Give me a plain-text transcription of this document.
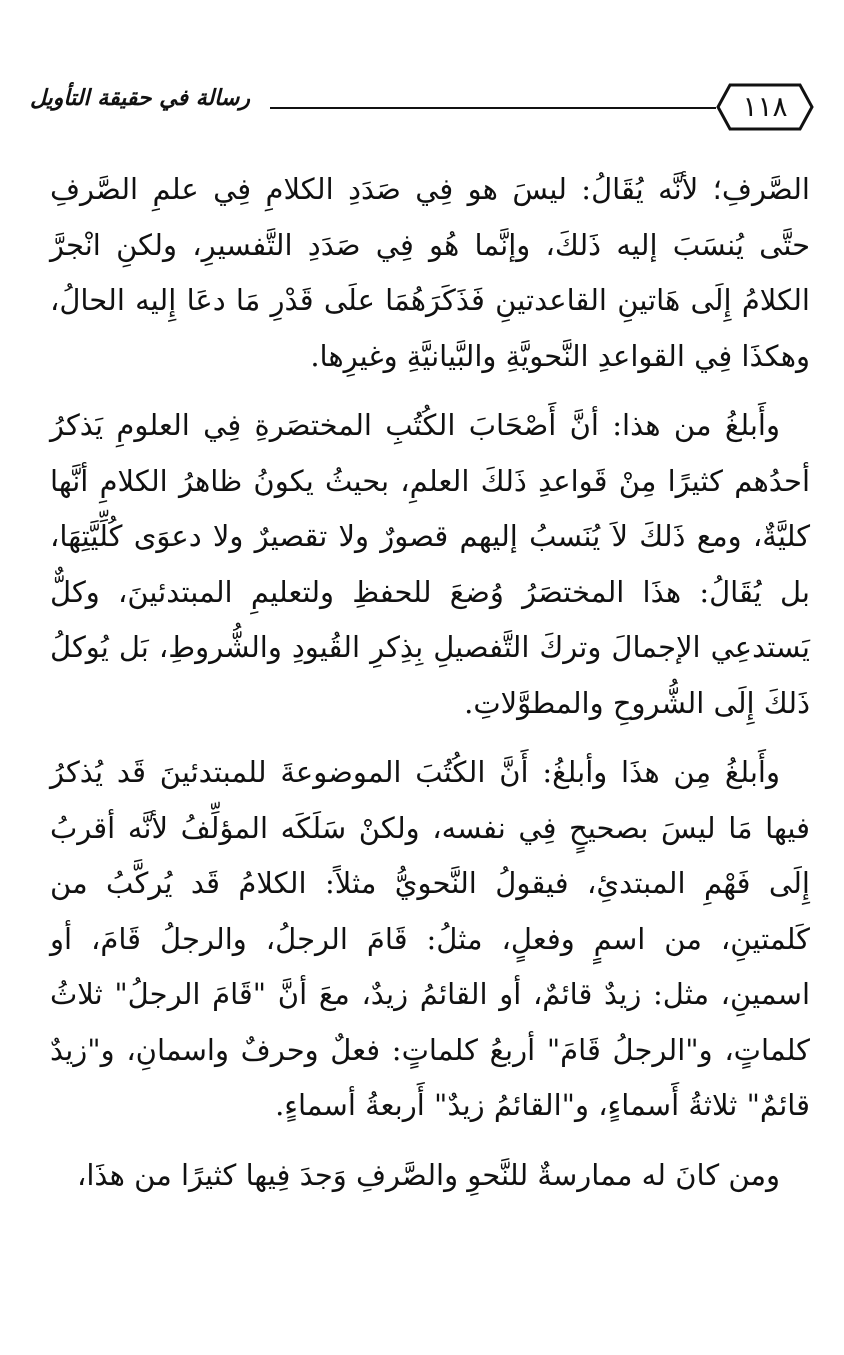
رسالة في حقيقة التأويل	١١٨

الصَّرفِ؛ لأنَّه يُقَالُ: ليسَ هو فِي صَدَدِ الكلامِ فِي علمِ الصَّرفِ حتَّى يُنسَبَ إليه ذَلكَ، وإنَّما هُو فِي صَدَدِ التَّفسيرِ، ولكنِ انْجرَّ الكلامُ إِلَى هَاتينِ القاعدتينِ فَذَكَرَهُمَا علَى قَدْرِ مَا دعَا إِليه الحالُ، وهكذَا فِي القواعدِ النَّحويَّةِ والبَّيانيَّةِ وغيرِها.

وأَبلغُ من هذا: أنَّ أَصْحَابَ الكُتُبِ المختصَرةِ فِي العلومِ يَذكرُ أحدُهم كثيرًا مِنْ قَواعدِ ذَلكَ العلمِ، بحيثُ يكونُ ظاهرُ الكلامِ أنَّها كليَّةٌ، ومع ذَلكَ لاَ يُنَسبُ إليهم قصورٌ ولا تقصيرٌ ولا دعوَى كُلِّيَّتِهَا، بل يُقَالُ: هذَا المختصَرُ وُضعَ للحفظِ ولتعليمِ المبتدئينَ، وكلٌّ يَستدعِي الإجمالَ وتركَ التَّفصيلِ بِذِكرِ القُيودِ والشُّروطِ، بَل يُوكلُ ذَلكَ إِلَى الشُّروحِ والمطوَّلاتِ.

وأَبلغُ مِن هذَا وأبلغُ: أَنَّ الكُتُبَ الموضوعةَ للمبتدئينَ قَد يُذكرُ فيها مَا ليسَ بصحيحٍ فِي نفسه، ولكنْ سَلَكَه المؤلِّفُ لأنَّه أقربُ إِلَى فَهْمِ المبتدئِ، فيقولُ النَّحويُّ مثلاً: الكلامُ قَد يُركَّبُ من كَلمتينِ، من اسمٍ وفعلٍ، مثلُ: قَامَ الرجلُ، والرجلُ قَامَ، أو اسمينِ، مثل: زيدٌ قائمٌ، أو القائمُ زيدٌ، معَ أنَّ "قَامَ الرجلُ" ثلاثُ كلماتٍ، و"الرجلُ قَامَ" أربعُ كلماتٍ: فعلٌ وحرفٌ واسمانِ، و"زيدٌ قائمٌ" ثلاثةُ أَسماءٍ، و"القائمُ زيدٌ" أَربعةُ أسماءٍ.

ومن كانَ له ممارسةٌ للنَّحوِ والصَّرفِ وَجدَ فِيها كثيرًا من هذَا،
